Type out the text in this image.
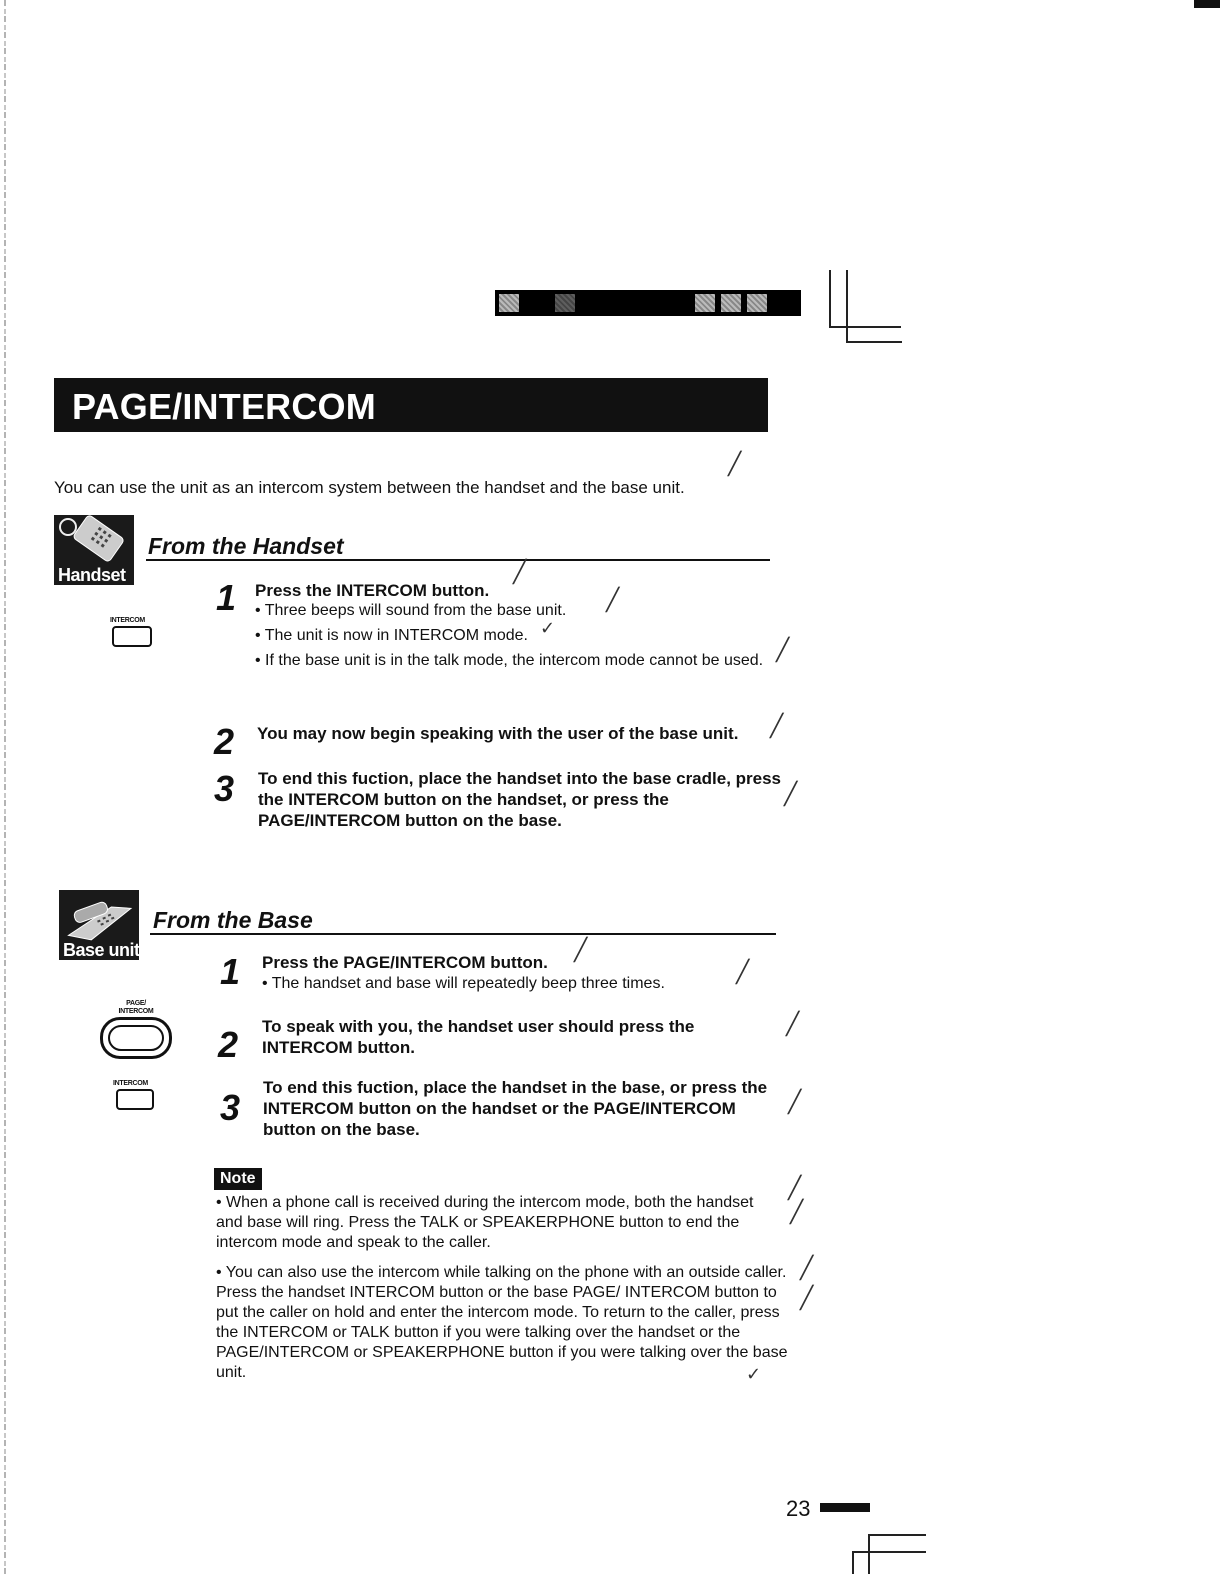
PAGE/INTERCOM
You can use the unit as an intercom system between the handset and the base unit.
╱
Handset
From the Handset
INTERCOM
1 Press the INTERCOM button.
╱
• Three beeps will sound from the base unit. ╱
• The unit is now in INTERCOM mode. ✓
• If the base unit is in the talk mode, the intercom mode cannot be used. ╱
2 You may now begin speaking with the user of the base unit. ╱
3 To end this fuction, place the handset into the base cradle, press the INTERCOM button on the handset, or press the PAGE/INTERCOM button on the base.
╱
Base unit
From the Base
PAGE/ INTERCOM
INTERCOM
1 Press the PAGE/INTERCOM button. ╱
• The handset and base will repeatedly beep three times.	╱
2 To speak with you, the handset user should press the INTERCOM button.
╱
3 To end this fuction, place the handset in the base, or press the INTERCOM button on the handset or the PAGE/INTERCOM button on the base.
╱
Note
• When a phone call is received during the intercom mode, both the handset and base will ring. Press the TALK or SPEAKERPHONE button to end the intercom mode and speak to the caller.
╱
╱
• You can also use the intercom while talking on the phone with an outside caller. Press the handset INTERCOM button or the base PAGE/ INTERCOM button to put the caller on hold and enter the intercom mode. To return to the caller, press the INTERCOM or TALK button if you were talking over the handset or the PAGE/INTERCOM or SPEAKERPHONE button if you were talking over the base unit.
╱
╱
✓
23
